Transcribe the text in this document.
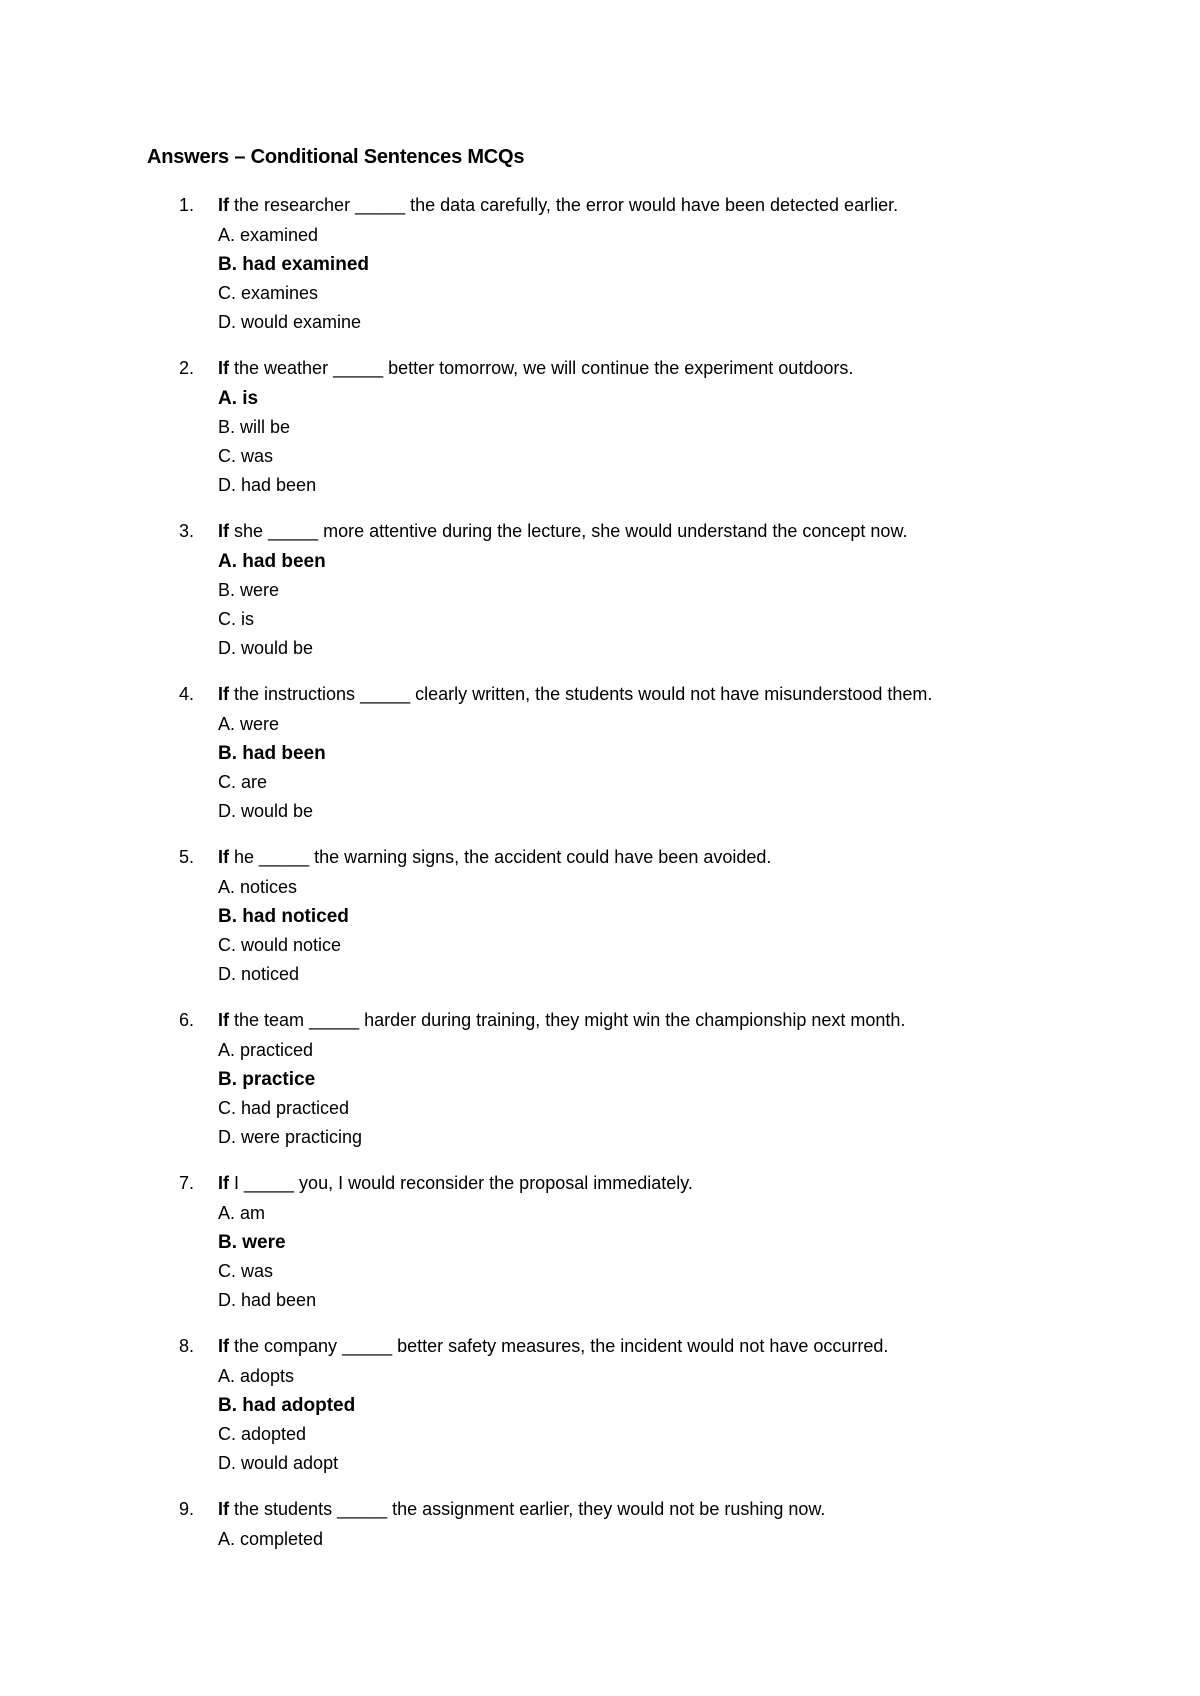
Answers – Conditional Sentences MCQs
1. If the researcher _____ the data carefully, the error would have been detected earlier.
A. examined
B. had examined
C. examines
D. would examine
2. If the weather _____ better tomorrow, we will continue the experiment outdoors.
A. is
B. will be
C. was
D. had been
3. If she _____ more attentive during the lecture, she would understand the concept now.
A. had been
B. were
C. is
D. would be
4. If the instructions _____ clearly written, the students would not have misunderstood them.
A. were
B. had been
C. are
D. would be
5. If he _____ the warning signs, the accident could have been avoided.
A. notices
B. had noticed
C. would notice
D. noticed
6. If the team _____ harder during training, they might win the championship next month.
A. practiced
B. practice
C. had practiced
D. were practicing
7. If I _____ you, I would reconsider the proposal immediately.
A. am
B. were
C. was
D. had been
8. If the company _____ better safety measures, the incident would not have occurred.
A. adopts
B. had adopted
C. adopted
D. would adopt
9. If the students _____ the assignment earlier, they would not be rushing now.
A. completed
